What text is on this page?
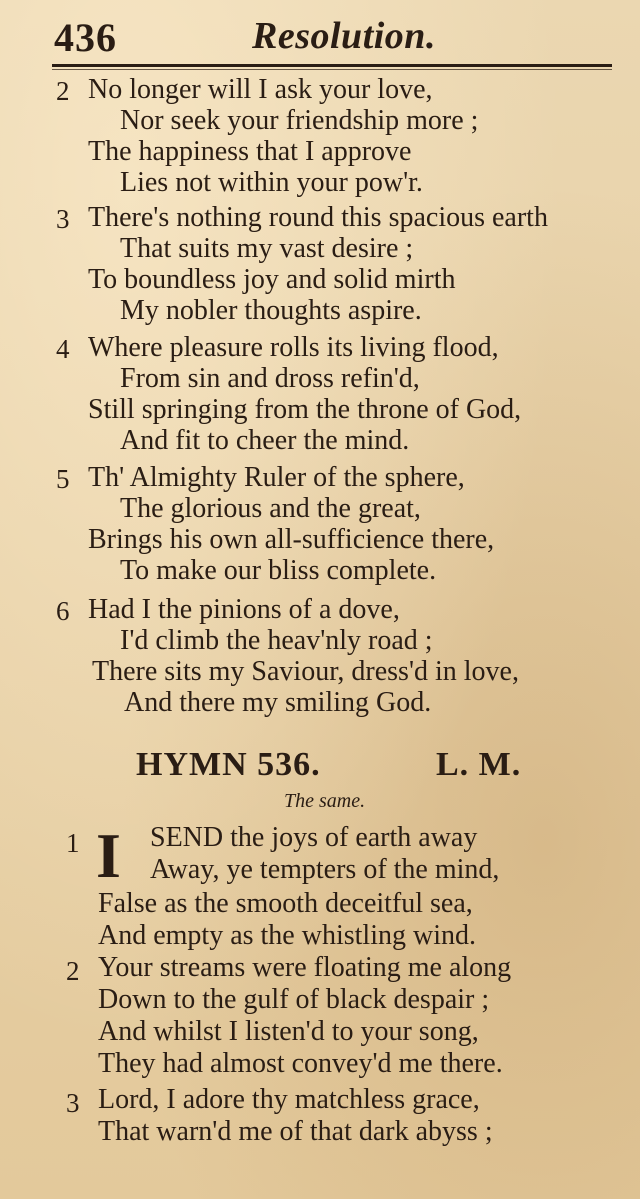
436	Resolution.
2 No longer will I ask your love,
Nor seek your friendship more ;
The happiness that I approve
Lies not within your pow'r.
3 There's nothing round this spacious earth
That suits my vast desire ;
To boundless joy and solid mirth
My nobler thoughts aspire.
4 Where pleasure rolls its living flood,
From sin and dross refin'd,
Still springing from the throne of God,
And fit to cheer the mind.
5 Th' Almighty Ruler of the sphere,
The glorious and the great,
Brings his own all-sufficience there,
To make our bliss complete.
6 Had I the pinions of a dove,
I'd climb the heav'nly road ;
There sits my Saviour, dress'd in love,
And there my smiling God.
HYMN 536.	L. M.
The same.
1 I SEND the joys of earth away
Away, ye tempters of the mind,
False as the smooth deceitful sea,
And empty as the whistling wind.
2 Your streams were floating me along
Down to the gulf of black despair ;
And whilst I listen'd to your song,
They had almost convey'd me there.
3 Lord, I adore thy matchless grace,
That warn'd me of that dark abyss ;
